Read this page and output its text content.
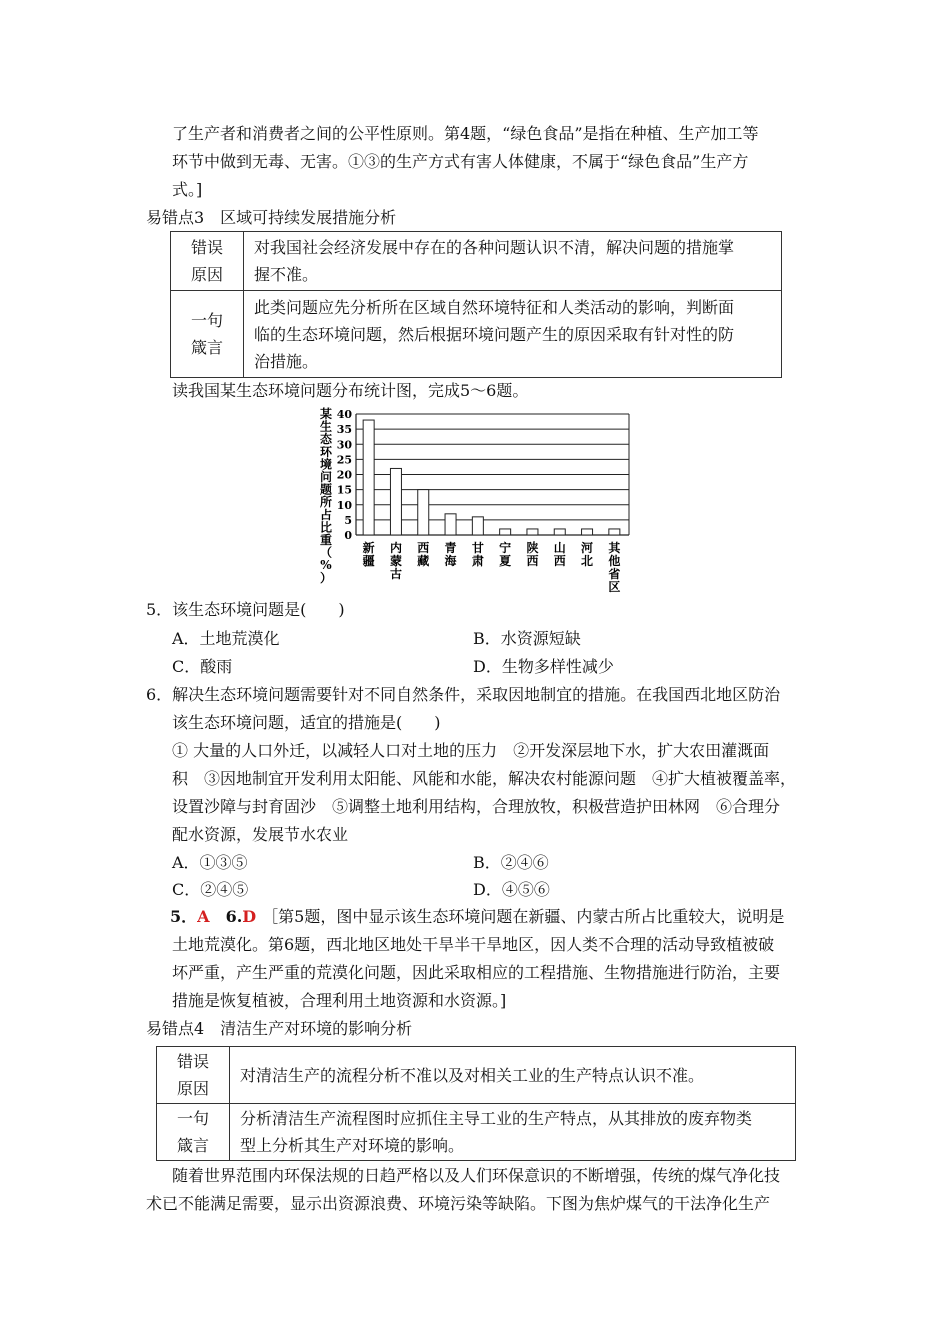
了生产者和消费者之间的公平性原则。第4题，“绿色食品”是指在种植、生产加工等
环节中做到无毒、无害。①③的生产方式有害人体健康，不属于“绿色食品”生产方
式。]
易错点3　区域可持续发展措施分析
错误
原因	对我国社会经济发展中存在的各种问题认识不清，解决问题的措施掌
握不准。
一句
箴言	此类问题应先分析所在区域自然环境特征和人类活动的影响，判断面
临的生态环境问题，然后根据环境问题产生的原因采取有针对性的防
治措施。
读我国某生态环境问题分布统计图，完成5～6题。
某生态环境问题所占比重（%）
0
5
10
15
20
25
30
35
40
新疆
内蒙古
西藏
青海
甘肃
宁夏
陕西
山西
河北
其他省区
5．该生态环境问题是(　　)
A．土地荒漠化	B．水资源短缺
C．酸雨	D．生物多样性减少
6．解决生态环境问题需要针对不同自然条件，采取因地制宜的措施。在我国西北地区防治
该生态环境问题，适宜的措施是(　　)
① 大量的人口外迁，以减轻人口对土地的压力　②开发深层地下水，扩大农田灌溉面
积　③因地制宜开发利用太阳能、风能和水能，解决农村能源问题　④扩大植被覆盖率，
设置沙障与封育固沙　⑤调整土地利用结构，合理放牧，积极营造护田林网　⑥合理分
配水资源，发展节水农业
A．①③⑤	B．②④⑥
C．②④⑤	D．④⑤⑥
5．A　 6.D ［第5题，图中显示该生态环境问题在新疆、内蒙古所占比重较大，说明是
土地荒漠化。第6题，西北地区地处干旱半干旱地区，因人类不合理的活动导致植被破
坏严重，产生严重的荒漠化问题，因此采取相应的工程措施、生物措施进行防治，主要
措施是恢复植被，合理利用土地资源和水资源。]
易错点4　清洁生产对环境的影响分析
错误
原因	对清洁生产的流程分析不准以及对相关工业的生产特点认识不准。
一句
箴言	分析清洁生产流程图时应抓住主导工业的生产特点，从其排放的废弃物类
型上分析其生产对环境的影响。
随着世界范围内环保法规的日趋严格以及人们环保意识的不断增强，传统的煤气净化技
术已不能满足需要，显示出资源浪费、环境污染等缺陷。下图为焦炉煤气的干法净化生产
